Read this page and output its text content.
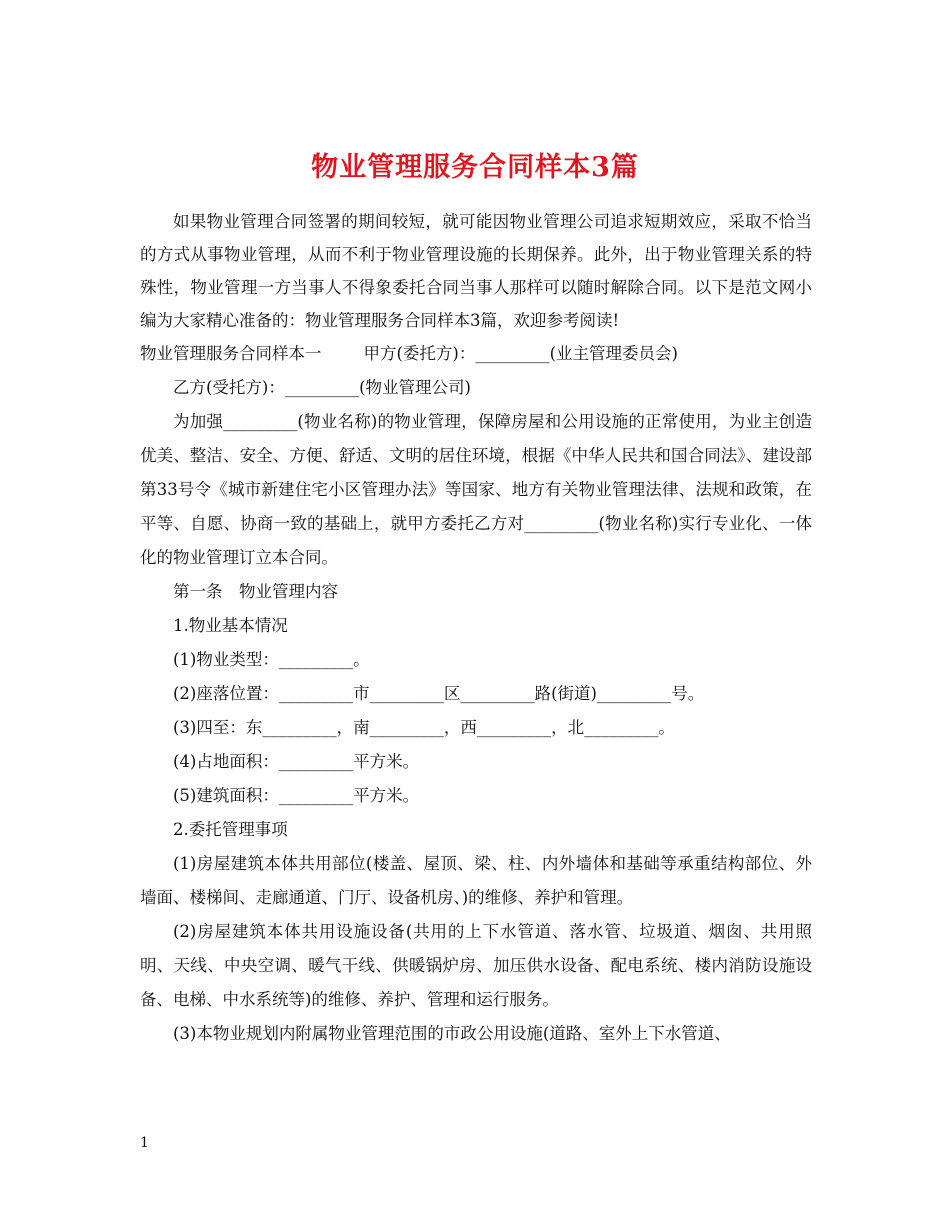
物业管理服务合同样本3篇

如果物业管理合同签署的期间较短，就可能因物业管理公司追求短期效应，采取不恰当的方式从事物业管理，从而不利于物业管理设施的长期保养。此外，出于物业管理关系的特殊性，物业管理一方当事人不得象委托合同当事人那样可以随时解除合同。以下是范文网小编为大家精心准备的：物业管理服务合同样本3篇，欢迎参考阅读!

物业管理服务合同样本一        甲方(委托方)：_________(业主管理委员会)

乙方(受托方)：_________(物业管理公司)

为加强_________(物业名称)的物业管理，保障房屋和公用设施的正常使用，为业主创造优美、整洁、安全、方便、舒适、文明的居住环境，根据《中华人民共和国合同法》、建设部第33号令《城市新建住宅小区管理办法》等国家、地方有关物业管理法律、法规和政策，在平等、自愿、协商一致的基础上，就甲方委托乙方对_________(物业名称)实行专业化、一体化的物业管理订立本合同。

第一条　物业管理内容

1.物业基本情况

(1)物业类型：_________。

(2)座落位置：_________市_________区_________路(街道)_________号。

(3)四至：东_________，南_________，西_________，北_________。

(4)占地面积：_________平方米。

(5)建筑面积：_________平方米。

2.委托管理事项

(1)房屋建筑本体共用部位(楼盖、屋顶、梁、柱、内外墙体和基础等承重结构部位、外墙面、楼梯间、走廊通道、门厅、设备机房、)的维修、养护和管理。

(2)房屋建筑本体共用设施设备(共用的上下水管道、落水管、垃圾道、烟囱、共用照明、天线、中央空调、暖气干线、供暖锅炉房、加压供水设备、配电系统、楼内消防设施设备、电梯、中水系统等)的维修、养护、管理和运行服务。

(3)本物业规划内附属物业管理范围的市政公用设施(道路、室外上下水管道、

1
